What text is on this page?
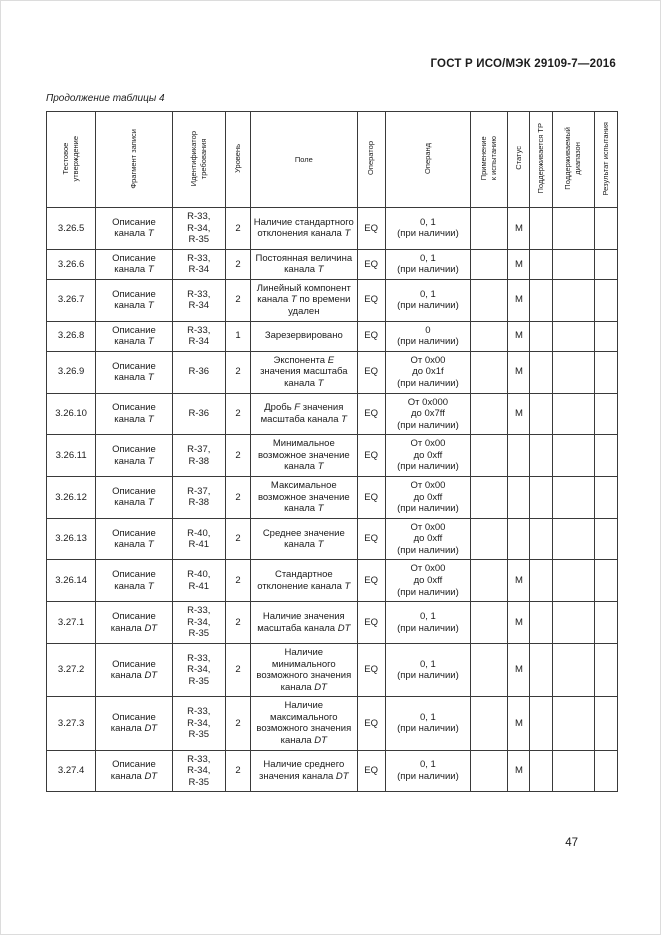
ГОСТ Р ИСО/МЭК 29109-7—2016
Продолжение таблицы 4
Тестовое
утверждение	Фрагмент записи	Идентификатор
требования	Уровень	Поле	Оператор	Операнд	Применение
к испытанию	Статус	Поддерживается ТР	Поддерживаемый
диапазон	Результат испытания
3.26.5	Описание канала T	R-33,
R-34,
R-35	2	Наличие стандартного отклонения канала T	EQ	0, 1
(при наличии)		М			
3.26.6	Описание канала T	R-33,
R-34	2	Постоянная величина канала T	EQ	0, 1
(при наличии)		М			
3.26.7	Описание канала T	R-33,
R-34	2	Линейный компонент канала T по времени удален	EQ	0, 1
(при наличии)		М			
3.26.8	Описание канала T	R-33,
R-34	1	Зарезервировано	EQ	0
(при наличии)		М			
3.26.9	Описание канала T	R-36	2	Экспонента E значения масштаба канала T	EQ	От 0x00
до 0x1f
(при наличии)		М			
3.26.10	Описание канала T	R-36	2	Дробь F значения масштаба канала T	EQ	От 0x000
до 0x7ff
(при наличии)		М			
3.26.11	Описание канала T	R-37,
R-38	2	Минимальное возможное значение канала T	EQ	От 0x00
до 0xff
(при наличии)					
3.26.12	Описание канала T	R-37,
R-38	2	Максимальное возможное значение канала T	EQ	От 0x00
до 0xff
(при наличии)					
3.26.13	Описание канала T	R-40,
R-41	2	Среднее значение канала T	EQ	От 0x00
до 0xff
(при наличии)					
3.26.14	Описание канала T	R-40,
R-41	2	Стандартное отклонение канала T	EQ	От 0x00
до 0xff
(при наличии)		М			
3.27.1	Описание канала DT	R-33,
R-34,
R-35	2	Наличие значения масштаба канала DT	EQ	0, 1
(при наличии)		М			
3.27.2	Описание канала DT	R-33,
R-34,
R-35	2	Наличие минимального возможного значения канала DT	EQ	0, 1
(при наличии)		М			
3.27.3	Описание канала DT	R-33,
R-34,
R-35	2	Наличие максимального возможного значения канала DT	EQ	0, 1
(при наличии)		М			
3.27.4	Описание канала DT	R-33,
R-34,
R-35	2	Наличие среднего значения канала DT	EQ	0, 1
(при наличии)		М			
47
